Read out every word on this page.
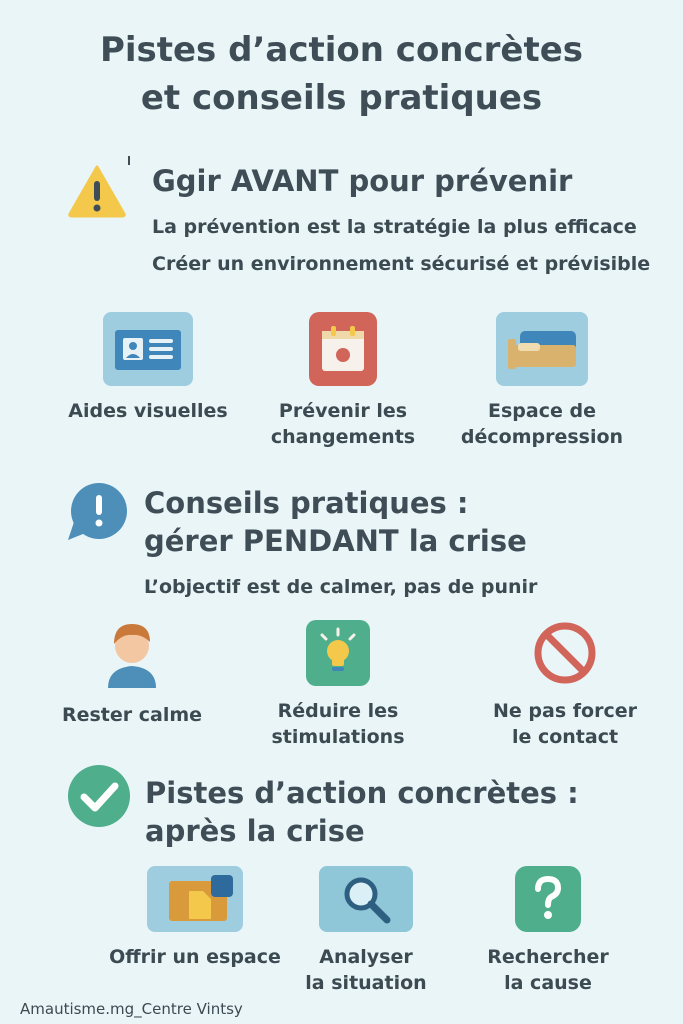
Pistes d’action concrètes
et conseils pratiques
Ggir AVANT pour prévenir
La prévention est la stratégie la plus efficace
Créer un environnement sécurisé et prévisible
Aides visuelles	Prévenir les
changements
Espace de
décompression
Conseils pratiques :
gérer PENDANT la crise
L’objectif est de calmer, pas de punir
Rester calme	Réduire les
stimulations
Ne pas forcer
le contact
Pistes d’action concrètes :
après la crise
Offrir un espace	Analyser
la situation
Rechercher
la cause
Amautisme.mg_Centre Vintsy
